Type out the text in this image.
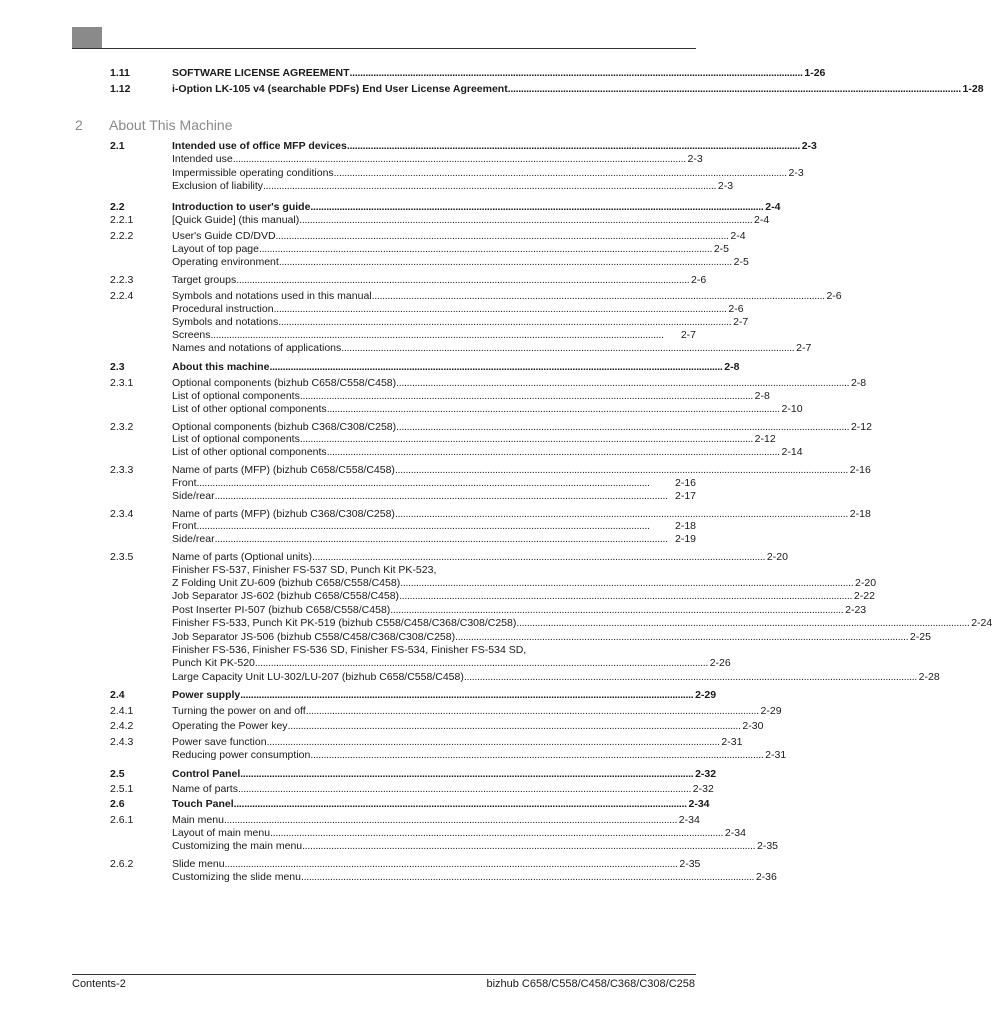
2 About This Machine
1.11	SOFTWARE LICENSE AGREEMENT . . .	1-26
1.12	i-Option LK-105 v4 (searchable PDFs) End User License Agreement . . .	1-28
2.1	Intended use of office MFP devices . . .	2-3
Intended use . . .	2-3
Impermissible operating conditions . . .	2-3
Exclusion of liability . . .	2-3
2.2	Introduction to user's guide . . .	2-4
2.2.1	[Quick Guide] (this manual) . . .	2-4
2.2.2	User's Guide CD/DVD . . .	2-4
Layout of top page . . .	2-5
Operating environment . . .	2-5
2.2.3	Target groups . . .	2-6
2.2.4	Symbols and notations used in this manual . . .	2-6
Procedural instruction . . .	2-6
Symbols and notations . . .	2-7
Screens . . .	2-7
Names and notations of applications . . .	2-7
2.3	About this machine . . .	2-8
2.3.1	Optional components (bizhub C658/C558/C458) . . .	2-8
List of optional components . . .	2-8
List of other optional components . . .	2-10
2.3.2	Optional components (bizhub C368/C308/C258) . . .	2-12
List of optional components . . .	2-12
List of other optional components . . .	2-14
2.3.3	Name of parts (MFP) (bizhub C658/C558/C458) . . .	2-16
Front . . .	2-16
Side/rear . . .	2-17
2.3.4	Name of parts (MFP) (bizhub C368/C308/C258) . . .	2-18
Front . . .	2-18
Side/rear . . .	2-19
2.3.5	Name of parts (Optional units) . . .	2-20
Finisher FS-537, Finisher FS-537 SD, Punch Kit PK-523,
Z Folding Unit ZU-609 (bizhub C658/C558/C458) . . .	2-20
Job Separator JS-602 (bizhub C658/C558/C458) . . .	2-22
Post Inserter PI-507 (bizhub C658/C558/C458) . . .	2-23
Finisher FS-533, Punch Kit PK-519 (bizhub C558/C458/C368/C308/C258) . . .	2-24
Job Separator JS-506 (bizhub C558/C458/C368/C308/C258) . . .	2-25
Finisher FS-536, Finisher FS-536 SD, Finisher FS-534, Finisher FS-534 SD,
Punch Kit PK-520 . . .	2-26
Large Capacity Unit LU-302/LU-207 (bizhub C658/C558/C458) . . .	2-28
2.4	Power supply . . .	2-29
2.4.1	Turning the power on and off . . .	2-29
2.4.2	Operating the Power key . . .	2-30
2.4.3	Power save function . . .	2-31
Reducing power consumption . . .	2-31
2.5	Control Panel . . .	2-32
2.5.1	Name of parts . . .	2-32
2.6	Touch Panel . . .	2-34
2.6.1	Main menu . . .	2-34
Layout of main menu . . .	2-34
Customizing the main menu . . .	2-35
2.6.2	Slide menu . . .	2-35
Customizing the slide menu . . .	2-36
Contents-2	bizhub C658/C558/C458/C368/C308/C258
